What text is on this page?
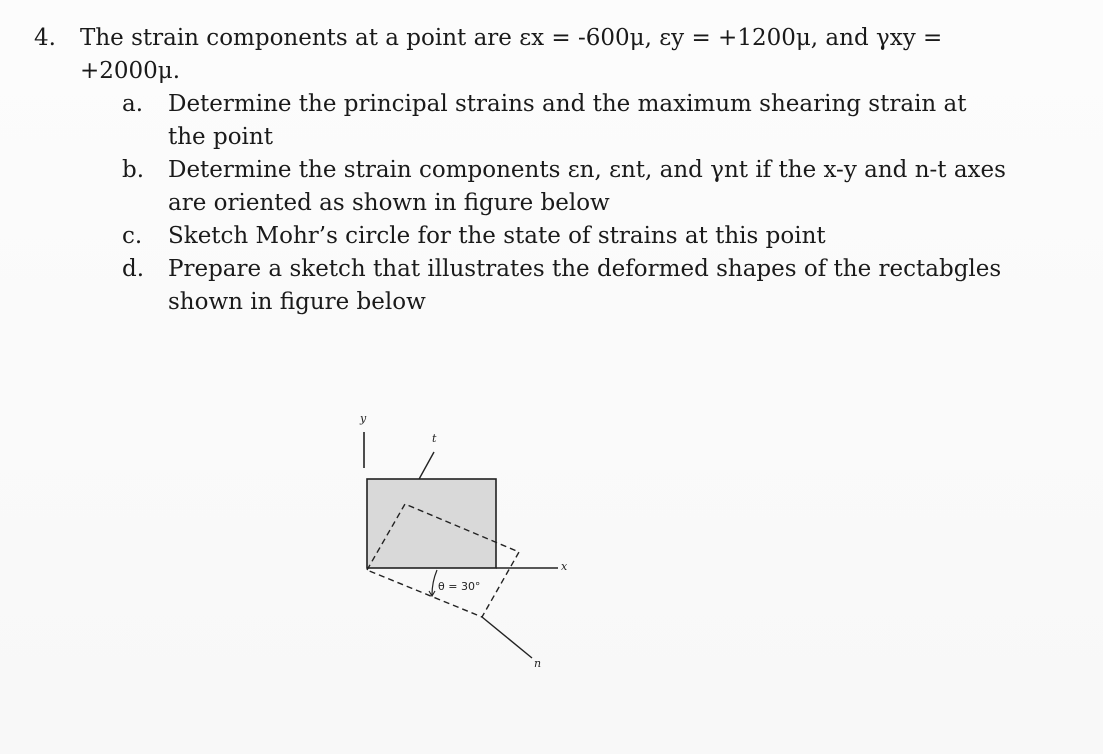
4.	The strain components at a point are εx = -600μ, εy = +1200μ, and γxy =
+2000μ.
a.	Determine the principal strains and the maximum shearing strain at
the point
b.	Determine the strain components εn, εnt, and γnt if the x-y and n-t axes
are oriented as shown in figure below
c.	Sketch Mohr’s circle for the state of strains at this point
d.	Prepare a sketch that illustrates the deformed shapes of the rectabgles
shown in figure below
y
t
x
n
θ = 30°
